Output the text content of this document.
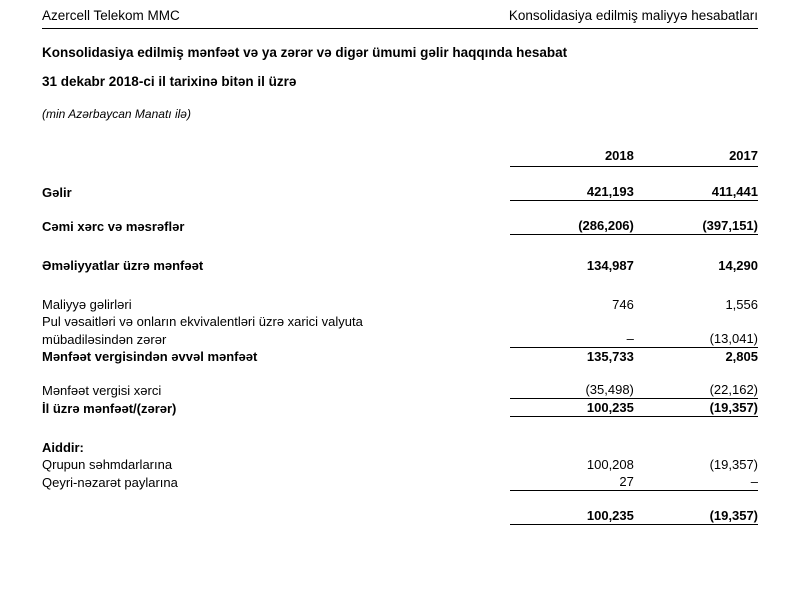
Azercell Telekom MMC	Konsolidasiya edilmiş maliyyə hesabatları
Konsolidasiya edilmiş mənfəət və ya zərər və digər ümumi gəlir haqqında hesabat
31 dekabr 2018-ci il tarixinə bitən il üzrə
(min Azərbaycan Manatı ilə)
	2018	2017

Gəlir	421,193	411,441

Cəmi xərc və məsrəflər	(286,206)	(397,151)

Əməliyyatlar üzrə mənfəət	134,987	14,290

Maliyyə gəlirləri	746	1,556
Pul vəsaitləri və onların ekvivalentləri üzrə xarici valyuta		
mübadiləsindən zərər	–	(13,041)
Mənfəət vergisindən əvvəl mənfəət	135,733	2,805

Mənfəət vergisi xərci	(35,498)	(22,162)
İl üzrə mənfəət/(zərər)	100,235	(19,357)

Aiddir:		
Qrupun səhmdarlarına	100,208	(19,357)
Qeyri-nəzarət paylarına	27	–

	100,235	(19,357)
